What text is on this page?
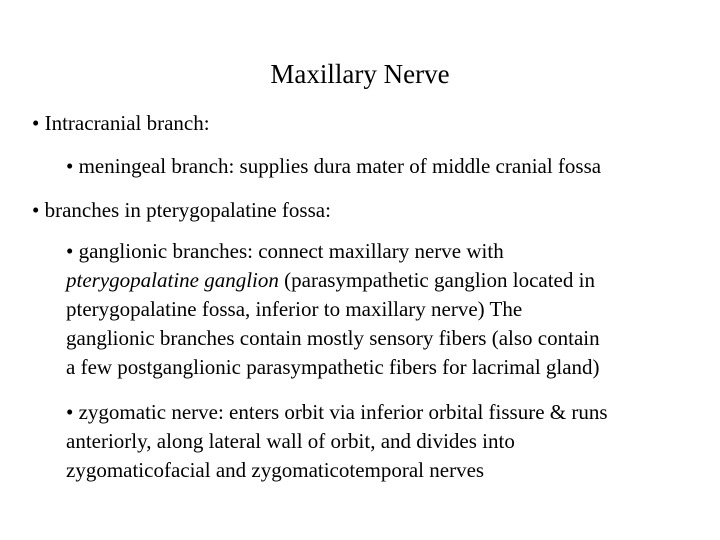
Maxillary Nerve
• Intracranial branch:
• meningeal branch: supplies dura mater of middle cranial fossa
• branches in pterygopalatine fossa:
• ganglionic branches: connect maxillary nerve with
pterygopalatine ganglion (parasympathetic ganglion located in
pterygopalatine fossa, inferior to maxillary nerve) The
ganglionic branches contain mostly sensory fibers (also contain
a few postganglionic parasympathetic fibers for lacrimal gland)
• zygomatic nerve: enters orbit via inferior orbital fissure & runs
anteriorly, along lateral wall of orbit, and divides into
zygomaticofacial and zygomaticotemporal nerves
